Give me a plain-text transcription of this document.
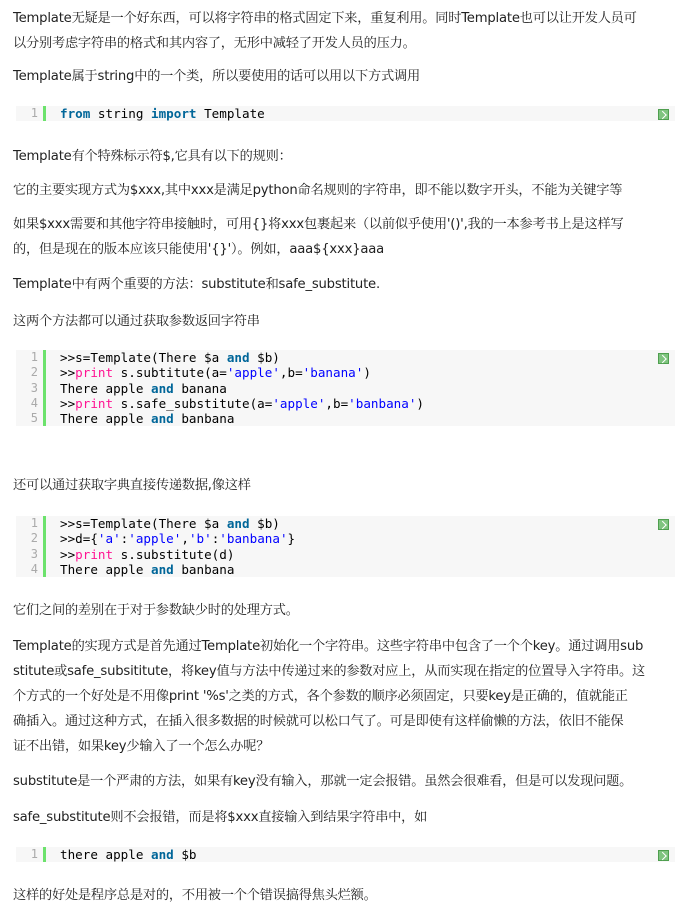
Template无疑是一个好东西，可以将字符串的格式固定下来，重复利用。同时Template也可以让开发人员可
以分别考虑字符串的格式和其内容了，无形中减轻了开发人员的压力。
Template属于string中的一个类，所以要使用的话可以用以下方式调用
1 from string import Template
Template有个特殊标示符$,它具有以下的规则：
它的主要实现方式为$xxx,其中xxx是满足python命名规则的字符串，即不能以数字开头，不能为关键字等
如果$xxx需要和其他字符串接触时，可用{}将xxx包裹起来（以前似乎使用'()',我的一本参考书上是这样写
的，但是现在的版本应该只能使用'{}'）。例如，aaa${xxx}aaa
Template中有两个重要的方法：substitute和safe_substitute.
这两个方法都可以通过获取参数返回字符串
1 >>s=Template(There $a and $b)
2 >>print s.subtitute(a='apple',b='banana')
3 There apple and banana
4 >>print s.safe_substitute(a='apple',b='banbana')
5 There apple and banbana
还可以通过获取字典直接传递数据,像这样
1 >>s=Template(There $a and $b)
2 >>d={'a':'apple','b':'banbana'}
3 >>print s.substitute(d)
4 There apple and banbana
它们之间的差别在于对于参数缺少时的处理方式。
Template的实现方式是首先通过Template初始化一个字符串。这些字符串中包含了一个个key。通过调用sub
stitute或safe_subsititute，将key值与方法中传递过来的参数对应上，从而实现在指定的位置导入字符串。这
个方式的一个好处是不用像print '%s'之类的方式，各个参数的顺序必须固定，只要key是正确的，值就能正
确插入。通过这种方式，在插入很多数据的时候就可以松口气了。可是即使有这样偷懒的方法，依旧不能保
证不出错，如果key少输入了一个怎么办呢？
substitute是一个严肃的方法，如果有key没有输入，那就一定会报错。虽然会很难看，但是可以发现问题。
safe_substitute则不会报错，而是将$xxx直接输入到结果字符串中，如
1 there apple and $b
这样的好处是程序总是对的，不用被一个个错误搞得焦头烂额。
